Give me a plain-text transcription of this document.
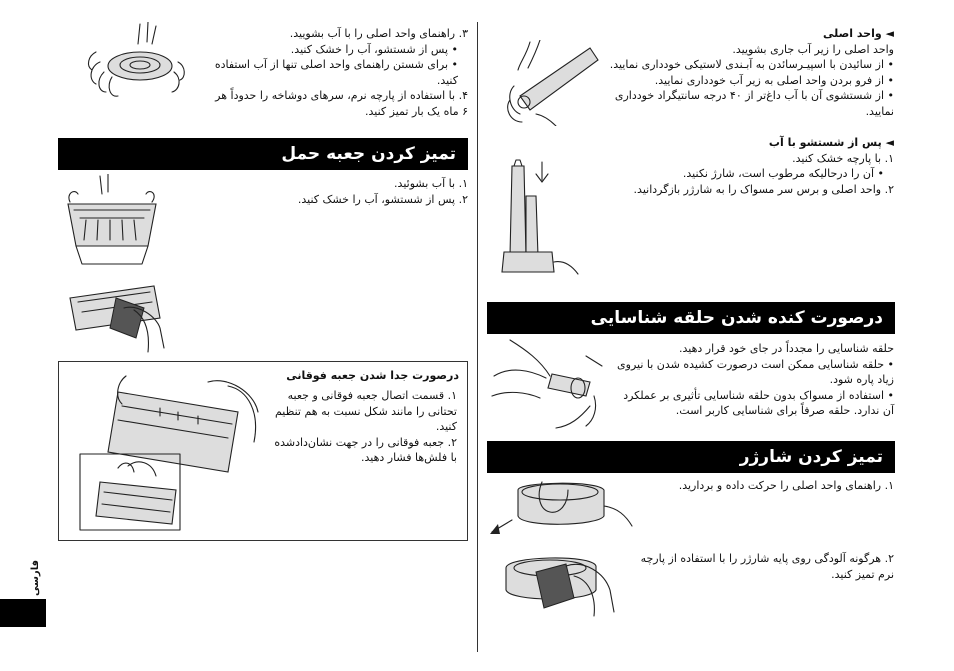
۳. راهنمای واحد اصلی را با آب بشویید.

• پس از شستشو، آب را خشک کنید.

• برای شستن راهنمای واحد اصلی تنها از آب استفاده کنید.

۴. با استفاده از پارچه نرم، سرهای دوشاخه را حدوداً هر ۶ ماه یک بار تمیز کنید.

تمیز کردن جعبه حمل

۱. با آب بشوئید.

۲. پس از شستشو، آب را خشک کنید.

درصورت جدا شدن جعبه فوقانی

۱. قسمت اتصال جعبه فوقانی و جعبه تحتانی را مانند شکل نسبت به هم تنظیم کنید.

۲. جعبه فوقانی را در جهت نشان‌دادشده با فلش‌ها فشار دهید.

فارسی

◄ واحد اصلی

واحد اصلی را زیر آب جاری بشویید.

• از سائیدن با اسپیـرسائدن به آبـندی لاستیکی خودداری نمایید.

• از فرو بردن واحد اصلی به زیر آب خودداری نمایید.

• از شستشوی آن با آب داغ‌تر از ۴۰ درجه سانتیگراد خودداری نمایید.

◄ پس از شستشو با آب

۱. با پارچه خشک کنید.

• آن را درحالیکه مرطوب است، شارژ نکنید.

۲. واحد اصلی و برس سر مسواک را به شارژر بازگردانید.

درصورت کنده شدن حلقه شناسایی

حلقه شناسایی را مجدداً در جای خود قرار دهید.

• حلقه شناسایی ممکن است درصورت کشیده شدن با نیروی زیاد پاره شود.

• استفاده از مسواک بدون حلقه شناسایی تأثیری بر عملکرد آن ندارد. حلقه صرفاً برای شناسایی کاربر است.

تمیز کردن شارژر

۱. راهنمای واحد اصلی را حرکت داده و بردارید.

۲. هرگونه آلودگی روی پایه شارژر را با استفاده از پارچه نرم تمیز کنید.
